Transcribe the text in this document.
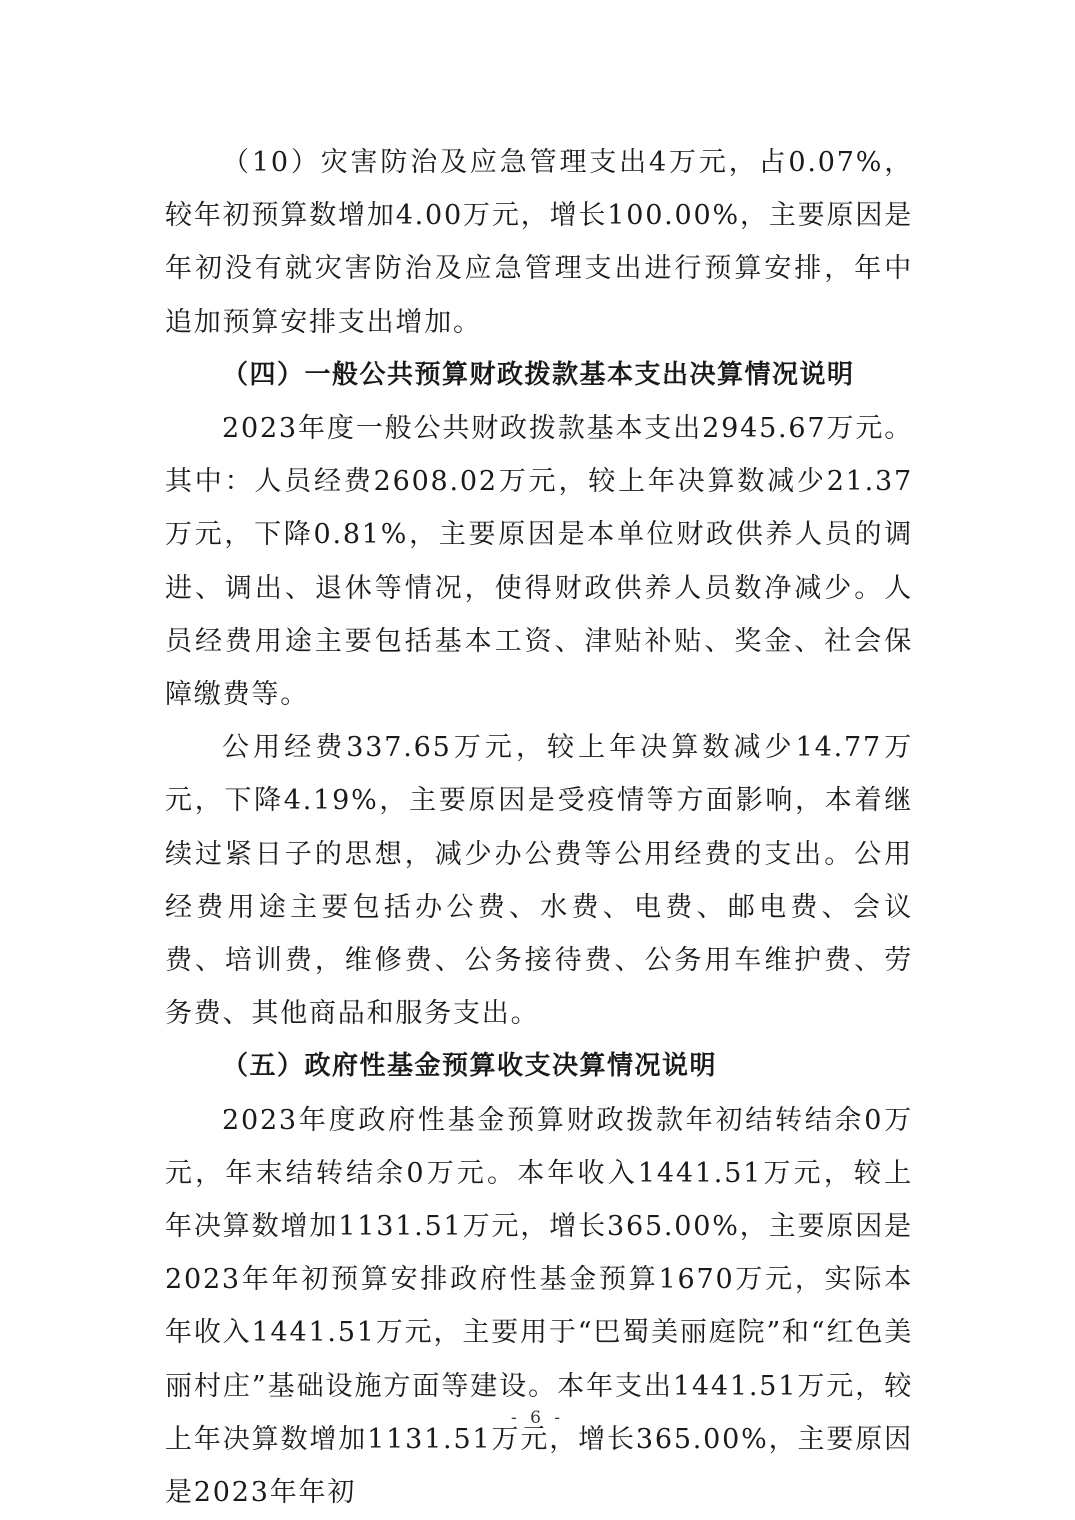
（10）灾害防治及应急管理支出4万元，占0.07%，较年初预算数增加4.00万元，增长100.00%，主要原因是年初没有就灾害防治及应急管理支出进行预算安排，年中追加预算安排支出增加。

（四）一般公共预算财政拨款基本支出决算情况说明

2023年度一般公共财政拨款基本支出2945.67万元。其中：人员经费2608.02万元，较上年决算数减少21.37万元，下降0.81%，主要原因是本单位财政供养人员的调进、调出、退休等情况，使得财政供养人员数净减少。人员经费用途主要包括基本工资、津贴补贴、奖金、社会保障缴费等。

公用经费337.65万元，较上年决算数减少14.77万元，下降4.19%，主要原因是受疫情等方面影响，本着继续过紧日子的思想，减少办公费等公用经费的支出。公用经费用途主要包括办公费、水费、电费、邮电费、会议费、培训费，维修费、公务接待费、公务用车维护费、劳务费、其他商品和服务支出。

（五）政府性基金预算收支决算情况说明

2023年度政府性基金预算财政拨款年初结转结余0万元，年末结转结余0万元。本年收入1441.51万元，较上年决算数增加1131.51万元，增长365.00%，主要原因是2023年年初预算安排政府性基金预算1670万元，实际本年收入1441.51万元，主要用于“巴蜀美丽庭院”和“红色美丽村庄”基础设施方面等建设。本年支出1441.51万元，较上年决算数增加1131.51万元，增长365.00%，主要原因是2023年年初

- 6 -
